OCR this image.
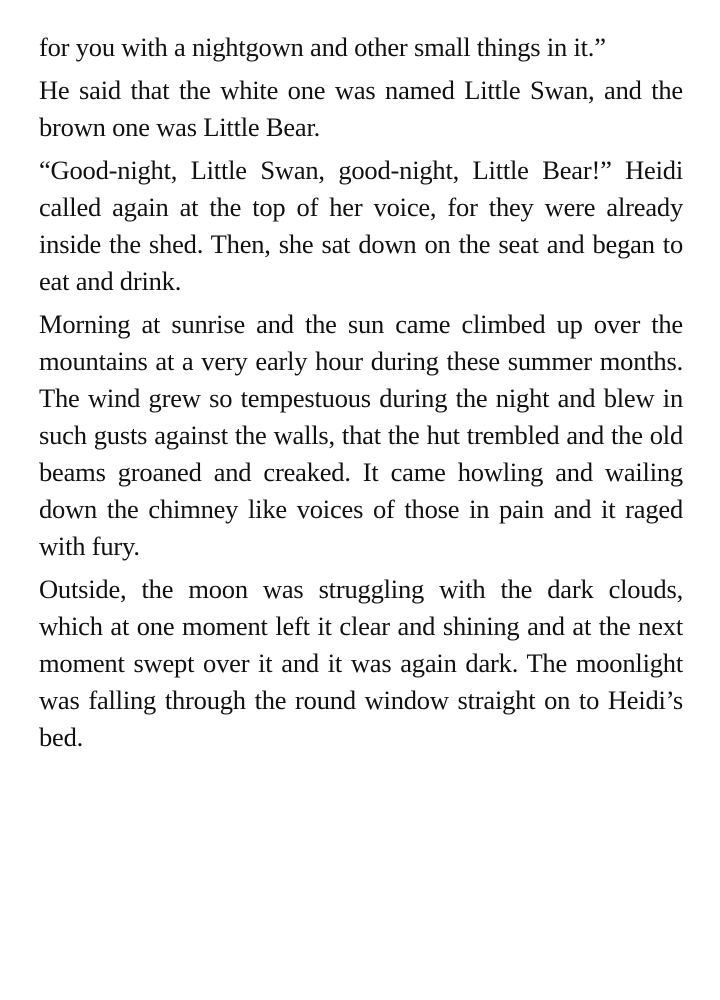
for you with a nightgown and other small things in it.”

He said that the white one was named Little Swan, and the brown one was Little Bear.

“Good-night, Little Swan, good-night, Little Bear!” Heidi called again at the top of her voice, for they were already inside the shed. Then, she sat down on the seat and began to eat and drink.

Morning at sunrise and the sun came climbed up over the mountains at a very early hour during these summer months. The wind grew so tempestuous during the night and blew in such gusts against the walls, that the hut trembled and the old beams groaned and creaked. It came howling and wailing down the chimney like voices of those in pain and it raged with fury.

Outside, the moon was struggling with the dark clouds, which at one moment left it clear and shining and at the next moment swept over it and it was again dark. The moonlight was falling through the round window straight on to Heidi’s bed.
